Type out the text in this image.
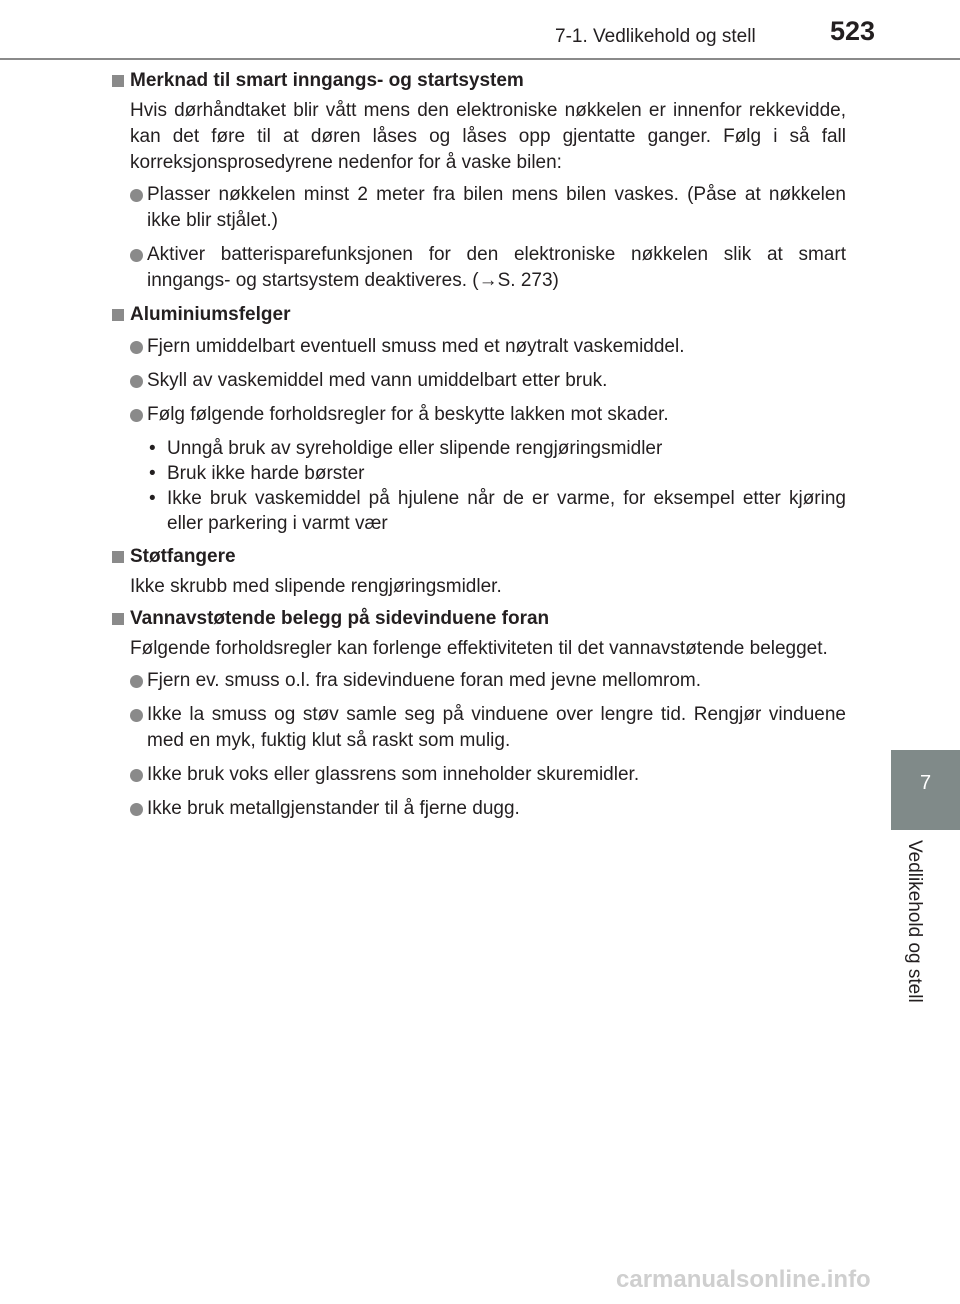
7-1. Vedlikehold og stell	523
7
Vedlikehold og stell
Merknad til smart inngangs- og startsystem
Hvis dørhåndtaket blir vått mens den elektroniske nøkkelen er innenfor rekkevidde, kan det føre til at døren låses og låses opp gjentatte ganger. Følg i så fall korreksjonsprosedyrene nedenfor for å vaske bilen:
Plasser nøkkelen minst 2 meter fra bilen mens bilen vaskes. (Påse at nøkkelen ikke blir stjålet.)
Aktiver batterisparefunksjonen for den elektroniske nøkkelen slik at smart inngangs- og startsystem deaktiveres. (→S. 273)
Aluminiumsfelger
Fjern umiddelbart eventuell smuss med et nøytralt vaskemiddel.
Skyll av vaskemiddel med vann umiddelbart etter bruk.
Følg følgende forholdsregler for å beskytte lakken mot skader.
• Unngå bruk av syreholdige eller slipende rengjøringsmidler
• Bruk ikke harde børster
• Ikke bruk vaskemiddel på hjulene når de er varme, for eksempel etter kjøring eller parkering i varmt vær
Støtfangere
Ikke skrubb med slipende rengjøringsmidler.
Vannavstøtende belegg på sidevinduene foran
Følgende forholdsregler kan forlenge effektiviteten til det vannavstøtende belegget.
Fjern ev. smuss o.l. fra sidevinduene foran med jevne mellomrom.
Ikke la smuss og støv samle seg på vinduene over lengre tid. Rengjør vinduene med en myk, fuktig klut så raskt som mulig.
Ikke bruk voks eller glassrens som inneholder skuremidler.
Ikke bruk metallgjenstander til å fjerne dugg.
carmanualsonline.info
